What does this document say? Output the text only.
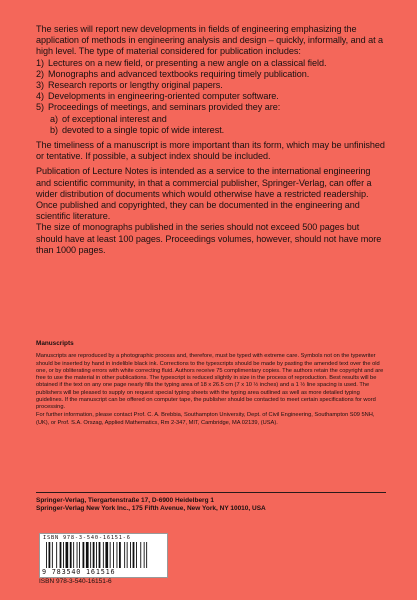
The series will report new developments in fields of engineering emphasizing the application of methods in engineering analysis and design – quickly, informally, and at a high level. The type of material considered for publication includes:

1) Lectures on a new field, or presenting a new angle on a classical field.
2) Monographs and advanced textbooks requiring timely publication.
3) Research reports or lengthy original papers.
4) Developments in engineering-oriented computer software.
5) Proceedings of meetings, and seminars provided they are:
a) of exceptional interest and
b) devoted to a single topic of wide interest.

The timeliness of a manuscript is more important than its form, which may be unfinished or tentative. If possible, a subject index should be included.

Publication of Lecture Notes is intended as a service to the international engineering and scientific community, in that a commercial publisher, Springer-Verlag, can offer a wider distribution of documents which would otherwise have a restricted readership. Once published and copyrighted, they can be documented in the engineering and scientific literature.

The size of monographs published in the series should not exceed 500 pages but should have at least 100 pages. Proceedings volumes, however, should not have more than 1000 pages.

Manuscripts

Manuscripts are reproduced by a photographic process and, therefore, must be typed with extreme care. Symbols not on the typewriter should be inserted by hand in indelible black ink. Corrections to the typescripts should be made by pasting the amended text over the old one, or by obliterating errors with white correcting fluid. Authors receive 75 complimentary copies. The authors retain the copyright and are free to use the material in other publications. The typescript is reduced slightly in size in the process of reproduction. Best results will be obtained if the text on any one page nearly fills the typing area of 18 x 26.5 cm (7 x 10 ½ inches) and a 1 ½ line spacing is used. The publishers will be pleased to supply on request special typing sheets with the typing area outlined as well as more detailed typing guidelines. If the manuscript can be offered on computer tape, the publisher should be contacted to meet certain specifications for word processing.

For further information, please contact Prof. C. A. Brebbia, Southampton University, Dept. of Civil Engineering, Southampton S09 5NH, (UK), or Prof. S.A. Orszag, Applied Mathematics, Rm 2-347, MIT, Cambridge, MA 02139, (USA).

Springer-Verlag, Tiergartenstraße 17, D-6900 Heidelberg 1
Springer-Verlag New York Inc., 175 Fifth Avenue, New York, NY 10010, USA
ISBN 978-3-540-16151-6
9 783540 161516
ISBN 978-3-540-16151-6
